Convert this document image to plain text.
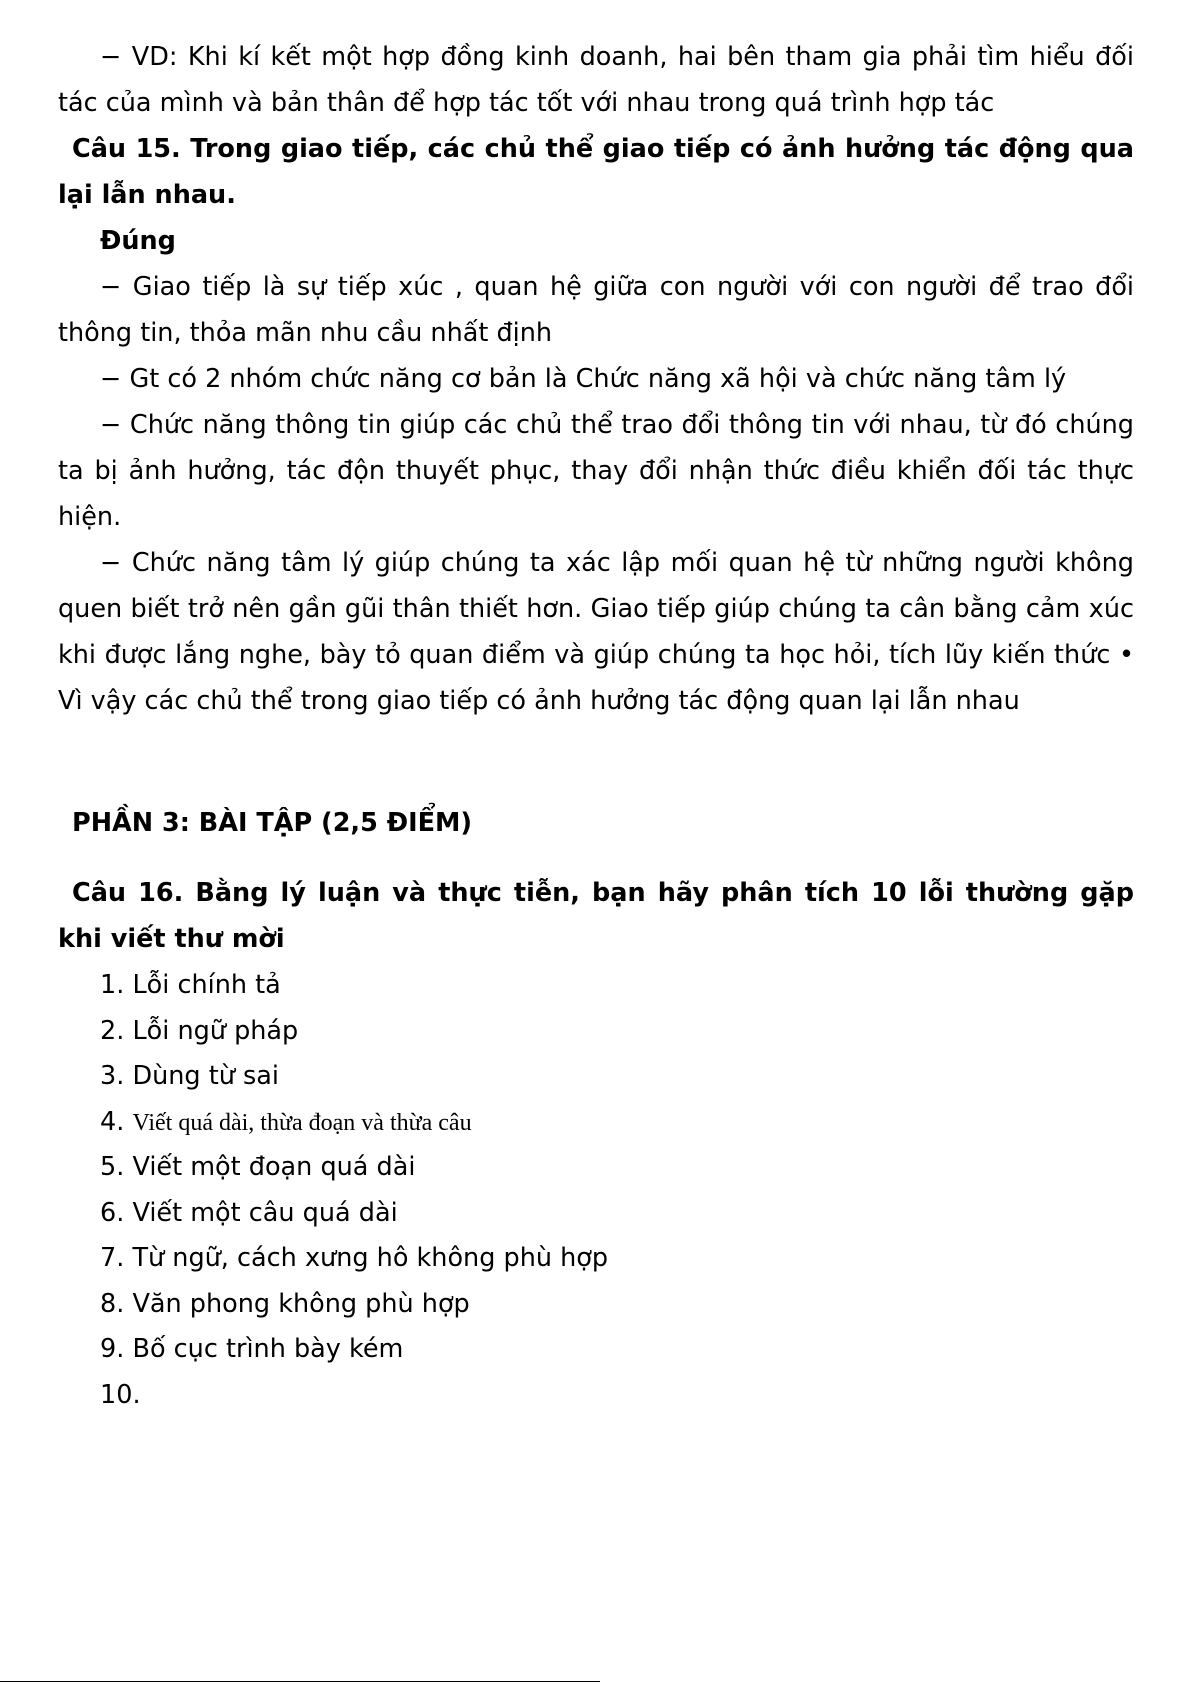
− VD: Khi kí kết một hợp đồng kinh doanh, hai bên tham gia phải tìm hiểu đối tác của mình và bản thân để hợp tác tốt với nhau trong quá trình hợp tác

Câu 15. Trong giao tiếp, các chủ thể giao tiếp có ảnh hưởng tác động qua lại lẫn nhau.

Đúng

− Giao tiếp là sự tiếp xúc , quan hệ giữa con người với con người để trao đổi thông tin, thỏa mãn nhu cầu nhất định

− Gt có 2 nhóm chức năng cơ bản là Chức năng xã hội và chức năng tâm lý

− Chức năng thông tin giúp các chủ thể trao đổi thông tin với nhau, từ đó chúng ta bị ảnh hưởng, tác độn thuyết phục, thay đổi nhận thức điều khiển đối tác thực hiện.

− Chức năng tâm lý giúp chúng ta xác lập mối quan hệ từ những người không quen biết trở nên gần gũi thân thiết hơn. Giao tiếp giúp chúng ta cân bằng cảm xúc khi được lắng nghe, bày tỏ quan điểm và giúp chúng ta học hỏi, tích lũy kiến thức • Vì vậy các chủ thể trong giao tiếp có ảnh hưởng tác động quan lại lẫn nhau

PHẦN 3: BÀI TẬP (2,5 ĐIỂM)

Câu 16. Bằng lý luận và thực tiễn, bạn hãy phân tích 10 lỗi thường gặp khi viết thư mời

1. Lỗi chính tả
2. Lỗi ngữ pháp
3. Dùng từ sai
4. Viết quá dài, thừa đoạn và thừa câu
5. Viết một đoạn quá dài
6. Viết một câu quá dài
7. Từ ngữ, cách xưng hô không phù hợp
8. Văn phong không phù hợp
9. Bố cục trình bày kém
10.
